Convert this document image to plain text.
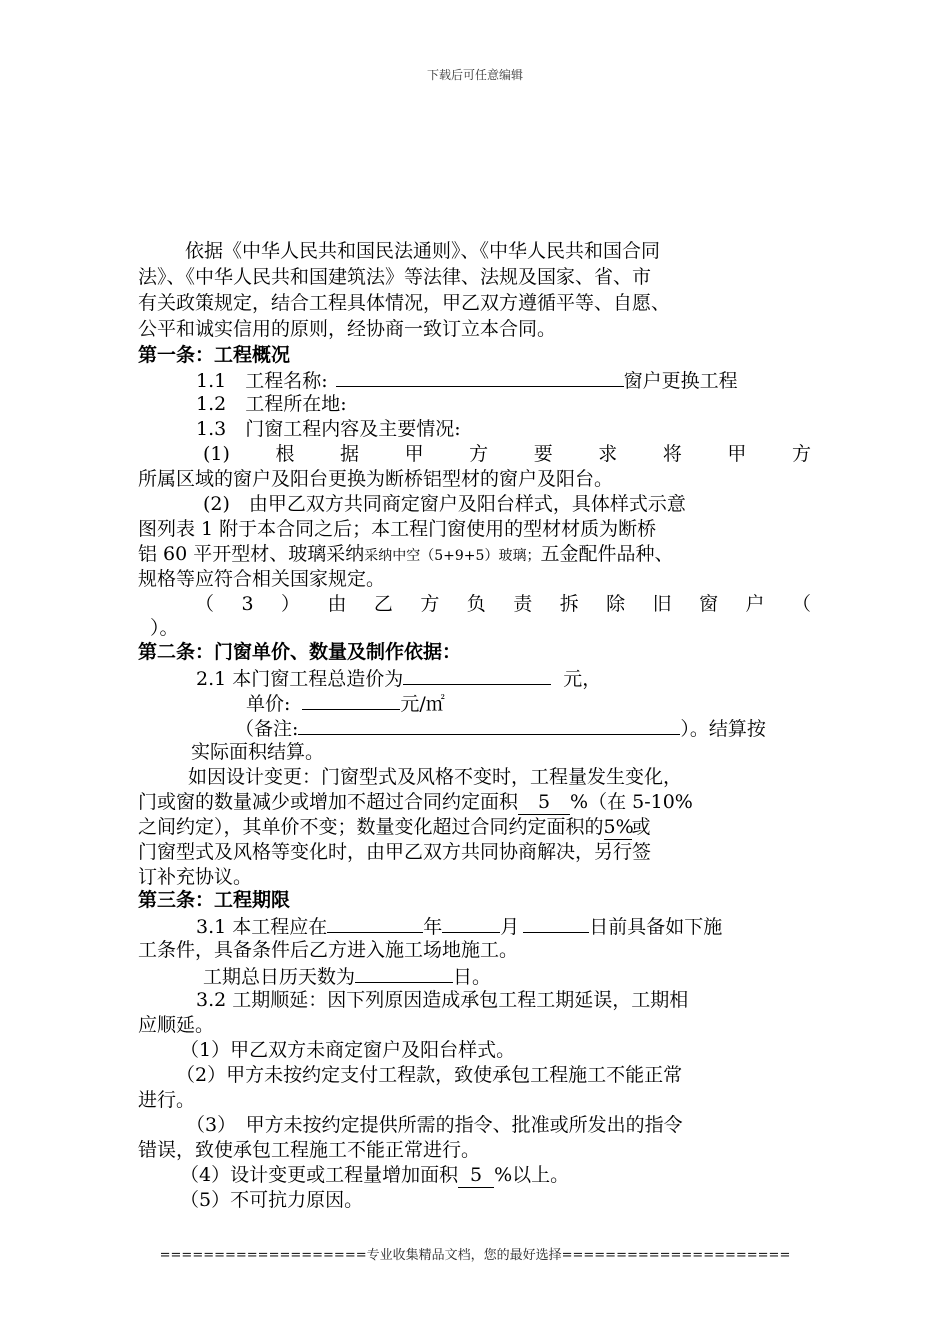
下载后可任意编辑
依据《中华人民共和国民法通则》、《中华人民共和国合同
法》、《中华人民共和国建筑法》等法律、法规及国家、省、市
有关政策规定，结合工程具体情况，甲乙双方遵循平等、自愿、
公平和诚实信用的原则，经协商一致订立本合同。
第一条：工程概况
1.1　工程名称:	窗户更换工程
1.2　工程所在地:
1.3　门窗工程内容及主要情况:
(1) 根 据 甲 方 要 求 将 甲 方
所属区域的窗户及阳台更换为断桥铝型材的窗户及阳台。
(2)　由甲乙双方共同商定窗户及阳台样式，具体样式示意
图列表 1 附于本合同之后；本工程门窗使用的型材材质为断桥
铝 60 平开型材、玻璃采纳采纳中空（5+9+5）玻璃；五金配件品种、
规格等应符合相关国家规定。
（ 3 ） 由 乙 方 负 责 拆 除 旧 窗 户 （
）。
第二条：门窗单价、数量及制作依据：
2.1 本门窗工程总造价为	元，
单价:	元/㎡
（备注:	）。结算按
实际面积结算。
如因设计变更：门窗型式及风格不变时，工程量发生变化，
门或窗的数量减少或增加不超过合同约定面积 5 %（在 5-10%
之间约定），其单价不变；数量变化超过合同约定面积的5%或
门窗型式及风格等变化时，由甲乙双方共同协商解决，另行签
订补充协议。
第三条：工程期限
3.1 本工程应在	年	月	日前具备如下施
工条件，具备条件后乙方进入施工场地施工。
工期总日历天数为	日。
3.2 工期顺延：因下列原因造成承包工程工期延误，工期相
应顺延。
（1）甲乙双方未商定窗户及阳台样式。
（2）甲方未按约定支付工程款，致使承包工程施工不能正常
进行。
（3）　甲方未按约定提供所需的指令、批准或所发出的指令
错误，致使承包工程施工不能正常进行。
（4）设计变更或工程量增加面积 5 %以上。
（5）不可抗力原因。
===================专业收集精品文档，您的最好选择=====================
